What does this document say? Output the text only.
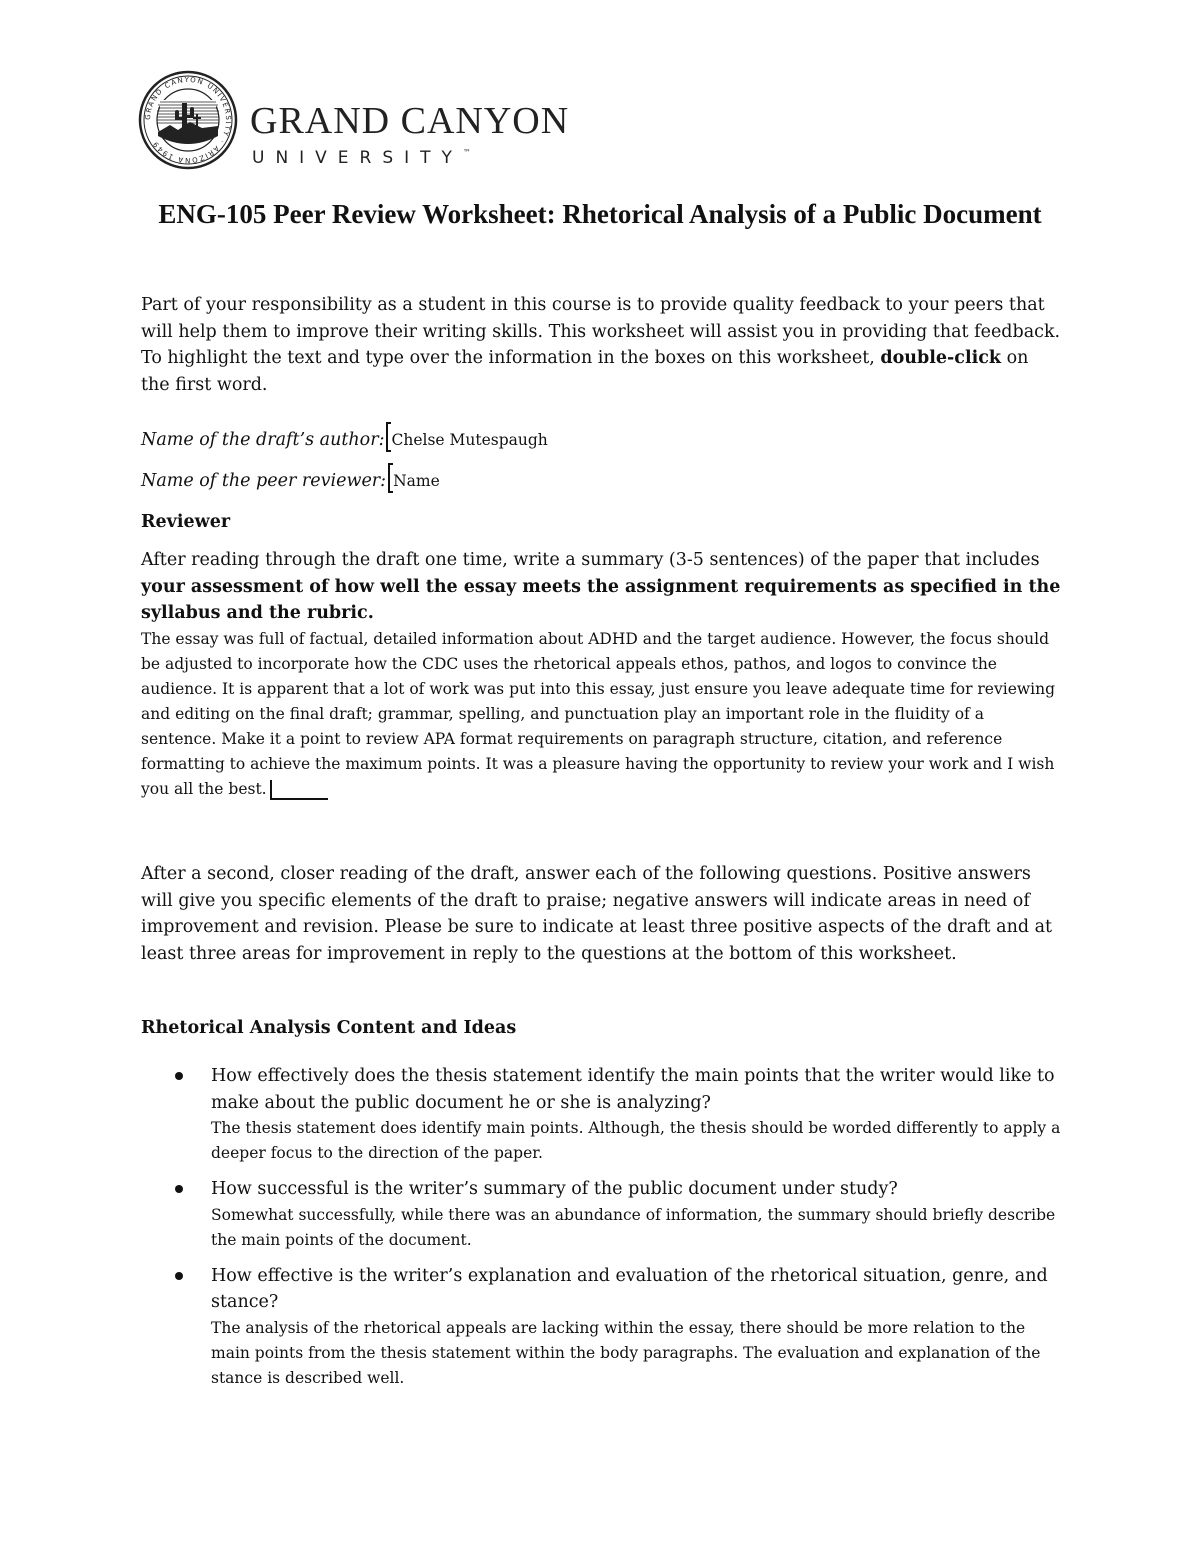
GRAND CANYON UNIVERSITY · ARIZONA 1949
GRAND CANYON
UNIVERSITY™
ENG-105 Peer Review Worksheet: Rhetorical Analysis of a Public Document
Part of your responsibility as a student in this course is to provide quality feedback to your peers that will help them to improve their writing skills. This worksheet will assist you in providing that feedback. To highlight the text and type over the information in the boxes on this worksheet, double-click on the first word.
Name of the draft’s author: Chelse Mutespaugh
Name of the peer reviewer: Name
Reviewer
After reading through the draft one time, write a summary (3-5 sentences) of the paper that includes your assessment of how well the essay meets the assignment requirements as specified in the syllabus and the rubric.
The essay was full of factual, detailed information about ADHD and the target audience. However, the focus should be adjusted to incorporate how the CDC uses the rhetorical appeals ethos, pathos, and logos to convince the audience. It is apparent that a lot of work was put into this essay, just ensure you leave adequate time for reviewing and editing on the final draft; grammar, spelling, and punctuation play an important role in the fluidity of a sentence. Make it a point to review APA format requirements on paragraph structure, citation, and reference formatting to achieve the maximum points. It was a pleasure having the opportunity to review your work and I wish you all the best.
After a second, closer reading of the draft, answer each of the following questions. Positive answers will give you specific elements of the draft to praise; negative answers will indicate areas in need of improvement and revision. Please be sure to indicate at least three positive aspects of the draft and at least three areas for improvement in reply to the questions at the bottom of this worksheet.
Rhetorical Analysis Content and Ideas
How effectively does the thesis statement identify the main points that the writer would like to make about the public document he or she is analyzing?
The thesis statement does identify main points. Although, the thesis should be worded differently to apply a deeper focus to the direction of the paper.
How successful is the writer’s summary of the public document under study?
Somewhat successfully, while there was an abundance of information, the summary should briefly describe the main points of the document.
How effective is the writer’s explanation and evaluation of the rhetorical situation, genre, and stance?
The analysis of the rhetorical appeals are lacking within the essay, there should be more relation to the main points from the thesis statement within the body paragraphs. The evaluation and explanation of the stance is described well.
